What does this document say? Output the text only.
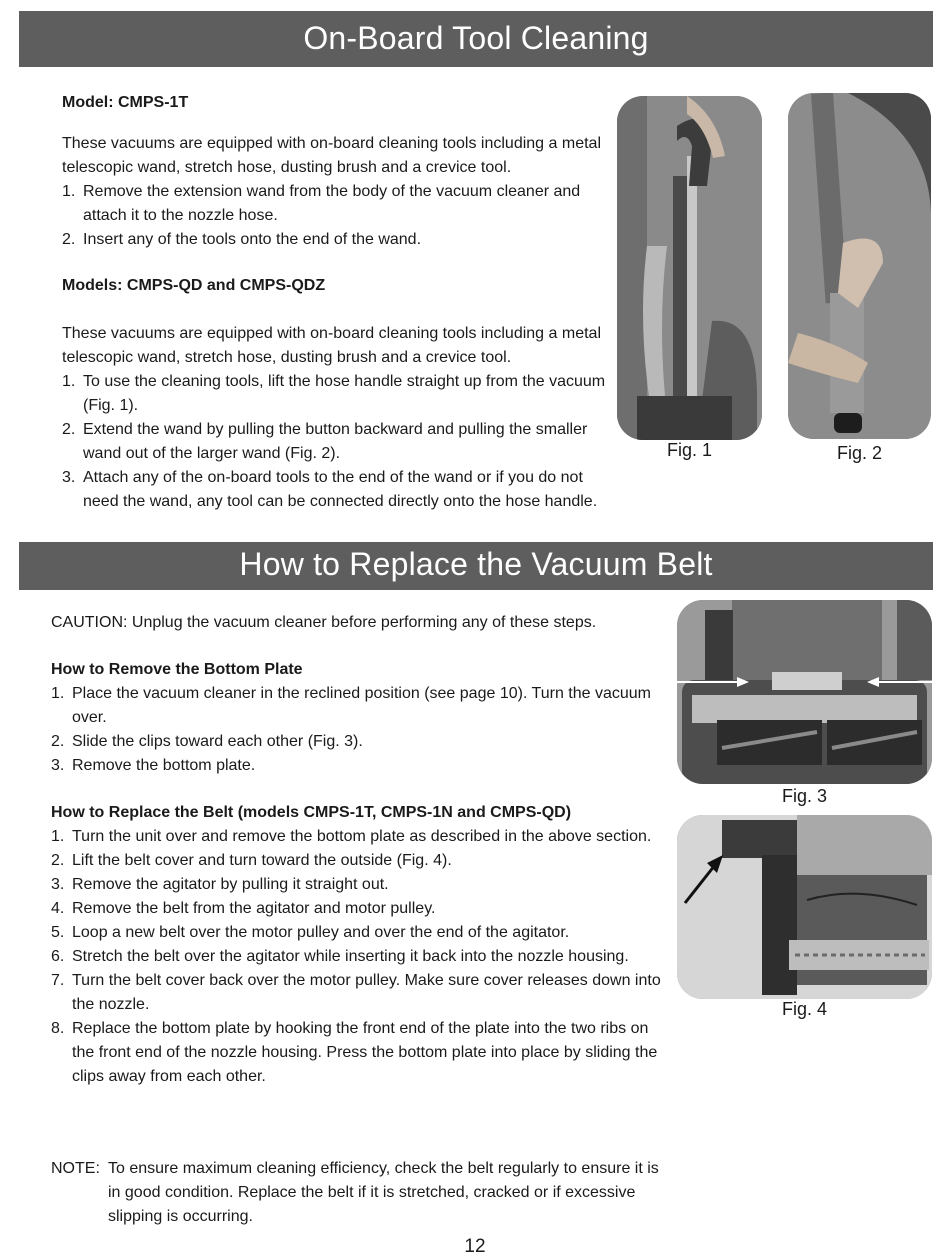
On-Board Tool Cleaning
Model: CMPS-1T

These vacuums are equipped with on-board cleaning tools including a metal telescopic wand, stretch hose, dusting brush and a crevice tool.

1. Remove the extension wand from the body of the vacuum cleaner and attach it to the nozzle hose.
2. Insert any of the tools onto the end of the wand.
Models: CMPS-QD and CMPS-QDZ

These vacuums are equipped with on-board cleaning tools including a metal telescopic wand, stretch hose, dusting brush and a crevice tool.

1. To use the cleaning tools, lift the hose handle straight up from the vacuum (Fig. 1).
2. Extend the wand by pulling the button backward and pulling the smaller wand out of the larger wand (Fig. 2).
3. Attach any of the on-board tools to the end of the wand or if you do not need the wand, any tool can be connected directly onto the hose handle.
Fig. 1	Fig. 2
How to Replace the Vacuum Belt

CAUTION: Unplug the vacuum cleaner before performing any of these steps.

How to Remove the Bottom Plate
1. Place the vacuum cleaner in the reclined position (see page 10). Turn the vacuum over.
2. Slide the clips toward each other (Fig. 3).
3. Remove the bottom plate.
How to Replace the Belt (models CMPS-1T, CMPS-1N and CMPS-QD)
1. Turn the unit over and remove the bottom plate as described in the above section.
2. Lift the belt cover and turn toward the outside (Fig. 4).
3. Remove the agitator by pulling it straight out.
4. Remove the belt from the agitator and motor pulley.
5. Loop a new belt over the motor pulley and over the end of the agitator.
6. Stretch the belt over the agitator while inserting it back into the nozzle housing.
7. Turn the belt cover back over the motor pulley. Make sure cover releases down into the nozzle.
8. Replace the bottom plate by hooking the front end of the plate into the two ribs on the front end of the nozzle housing. Press the bottom plate into place by sliding the clips away from each other.
Fig. 3
Fig. 4
NOTE: To ensure maximum cleaning efficiency, check the belt regularly to ensure it is in good condition. Replace the belt if it is stretched, cracked or if excessive slipping is occurring.
12
